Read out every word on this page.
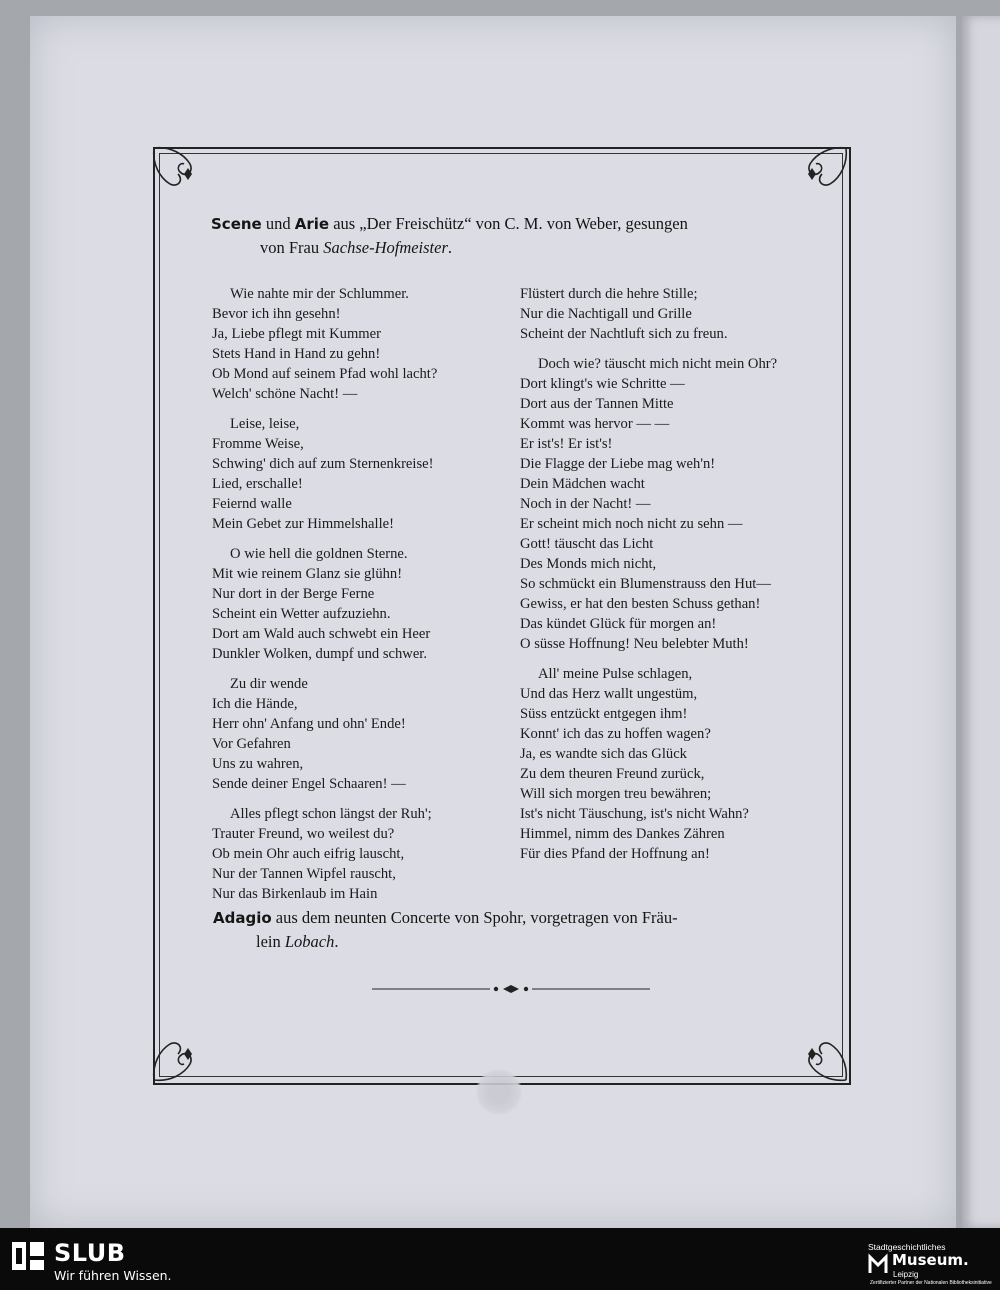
Scene und Arie aus „Der Freischütz“ von C. M. von Weber, gesungen
von Frau Sachse-Hofmeister.
Wie nahte mir der Schlummer.
Bevor ich ihn gesehn!
Ja, Liebe pflegt mit Kummer
Stets Hand in Hand zu gehn!
Ob Mond auf seinem Pfad wohl lacht?
Welch' schöne Nacht! —
Leise, leise,
Fromme Weise,
Schwing' dich auf zum Sternenkreise!
Lied, erschalle!
Feiernd walle
Mein Gebet zur Himmelshalle!
O wie hell die goldnen Sterne.
Mit wie reinem Glanz sie glühn!
Nur dort in der Berge Ferne
Scheint ein Wetter aufzuziehn.
Dort am Wald auch schwebt ein Heer
Dunkler Wolken, dumpf und schwer.
Zu dir wende
Ich die Hände,
Herr ohn' Anfang und ohn' Ende!
Vor Gefahren
Uns zu wahren,
Sende deiner Engel Schaaren! —
Alles pflegt schon längst der Ruh';
Trauter Freund, wo weilest du?
Ob mein Ohr auch eifrig lauscht,
Nur der Tannen Wipfel rauscht,
Nur das Birkenlaub im Hain
Flüstert durch die hehre Stille;
Nur die Nachtigall und Grille
Scheint der Nachtluft sich zu freun.
Doch wie? täuscht mich nicht mein Ohr?
Dort klingt's wie Schritte —
Dort aus der Tannen Mitte
Kommt was hervor — —
Er ist's! Er ist's!
Die Flagge der Liebe mag weh'n!
Dein Mädchen wacht
Noch in der Nacht! —
Er scheint mich noch nicht zu sehn —
Gott! täuscht das Licht
Des Monds mich nicht,
So schmückt ein Blumenstrauss den Hut—
Gewiss, er hat den besten Schuss gethan!
Das kündet Glück für morgen an!
O süsse Hoffnung! Neu belebter Muth!
All' meine Pulse schlagen,
Und das Herz wallt ungestüm,
Süss entzückt entgegen ihm!
Konnt' ich das zu hoffen wagen?
Ja, es wandte sich das Glück
Zu dem theuren Freund zurück,
Will sich morgen treu bewähren;
Ist's nicht Täuschung, ist's nicht Wahn?
Himmel, nimm des Dankes Zähren
Für dies Pfand der Hoffnung an!
Adagio aus dem neunten Concerte von Spohr, vorgetragen von Fräu-
lein Lobach.
SLUB
Wir führen Wissen.
Stadtgeschichtliches
Museum.
Leipzig
Zertifizierter Partner der Nationalen Bibliotheksinitiative
